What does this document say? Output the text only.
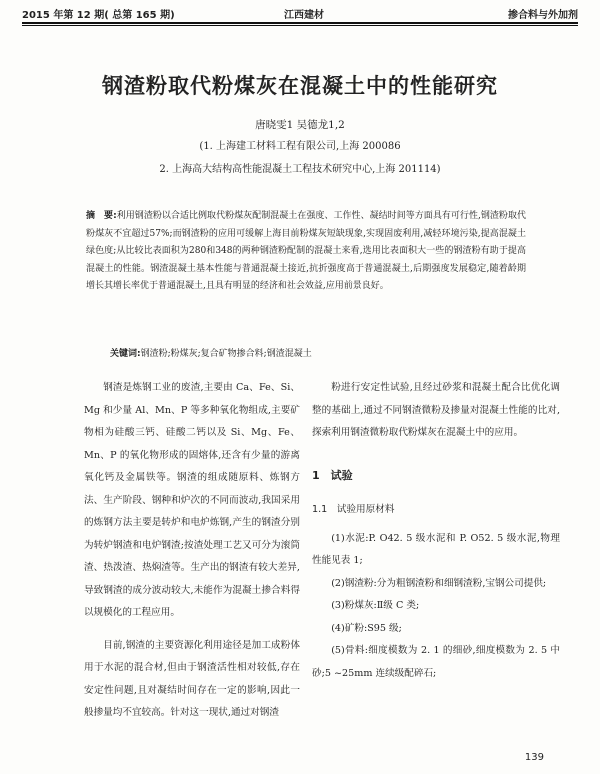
2015 年第 12 期( 总第 165 期)	江西建材	掺合料与外加剂
钢渣粉取代粉煤灰在混凝土中的性能研究
唐晓雯1 吴德龙1,2
(1. 上海建工材料工程有限公司,上海 200086
2. 上海高大结构高性能混凝土工程技术研究中心,上海 201114)
摘　要:利用钢渣粉以合适比例取代粉煤灰配制混凝土在强度、工作性、凝结时间等方面具有可行性,钢渣粉取代粉煤灰不宜超过57%;而钢渣粉的应用可缓解上海目前粉煤灰短缺现象,实现固废利用,减轻环境污染,提高混凝土绿色度;从比较比表面积为280和348的两种钢渣粉配制的混凝土来看,选用比表面积大一些的钢渣粉有助于提高混凝土的性能。钢渣混凝土基本性能与普通混凝土接近,抗折强度高于普通混凝土,后期强度发展稳定,随着龄期增长其增长率优于普通混凝土,且具有明显的经济和社会效益,应用前景良好。
关键词:钢渣粉;粉煤灰;复合矿物掺合料;钢渣混凝土

钢渣是炼钢工业的废渣,主要由 Ca、Fe、Si、Mg 和少量 Al、Mn、P 等多种氧化物组成,主要矿物相为硅酸三钙、硅酸二钙以及 Si、Mg、Fe、Mn、P 的氧化物形成的固熔体,还含有少量的游离氧化钙及金属铁等。钢渣的组成随原料、炼钢方法、生产阶段、钢种和炉次的不同而波动,我国采用的炼钢方法主要是转炉和电炉炼钢,产生的钢渣分别为转炉钢渣和电炉钢渣;按渣处理工艺又可分为滚筒渣、热泼渣、热焖渣等。生产出的钢渣有较大差异,导致钢渣的成分波动较大,未能作为混凝土掺合料得以规模化的工程应用。

目前,钢渣的主要资源化利用途径是加工成粉体用于水泥的混合材,但由于钢渣活性相对较低,存在安定性问题,且对凝结时间存在一定的影响,因此一般掺量均不宜较高。针对这一现状,通过对钢渣

粉进行安定性试验,且经过砂浆和混凝土配合比优化调整的基础上,通过不同钢渣微粉及掺量对混凝土性能的比对,探索利用钢渣微粉取代粉煤灰在混凝土中的应用。

1　试验
1.1　试验用原材料

(1)水泥:P. O42. 5 级水泥和 P. O52. 5 级水泥,物理性能见表 1;

(2)钢渣粉:分为粗钢渣粉和细钢渣粉,宝钢公司提供;

(3)粉煤灰:Ⅱ级 C 类;

(4)矿粉:S95 级;

(5)骨料:细度模数为 2. 1 的细砂,细度模数为 2. 5 中砂;5 ~25mm 连续级配碎石;

139
